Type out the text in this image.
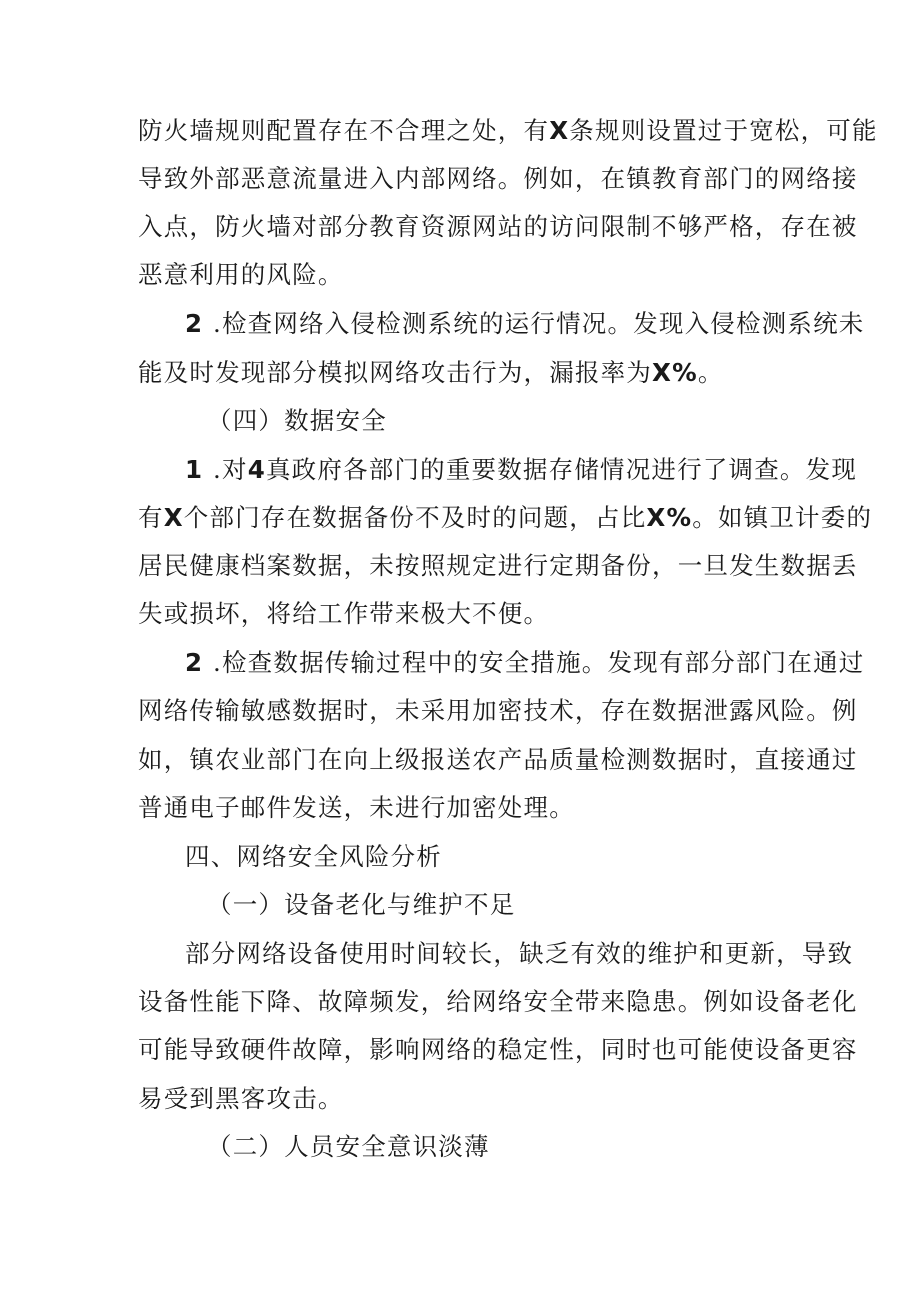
防火墙规则配置存在不合理之处，有X条规则设置过于宽松，可能
导致外部恶意流量进入内部网络。例如，在镇教育部门的网络接
入点，防火墙对部分教育资源网站的访问限制不够严格，存在被
恶意利用的风险。
2 .检查网络入侵检测系统的运行情况。发现入侵检测系统未
能及时发现部分模拟网络攻击行为，漏报率为X%。
（四）数据安全
1 .对4真政府各部门的重要数据存储情况进行了调查。发现
有X个部门存在数据备份不及时的问题，占比X%。如镇卫计委的
居民健康档案数据，未按照规定进行定期备份，一旦发生数据丢
失或损坏，将给工作带来极大不便。
2 .检查数据传输过程中的安全措施。发现有部分部门在通过
网络传输敏感数据时，未采用加密技术，存在数据泄露风险。例
如，镇农业部门在向上级报送农产品质量检测数据时，直接通过
普通电子邮件发送，未进行加密处理。
四、网络安全风险分析
（一）设备老化与维护不足
部分网络设备使用时间较长，缺乏有效的维护和更新，导致
设备性能下降、故障频发，给网络安全带来隐患。例如设备老化
可能导致硬件故障，影响网络的稳定性，同时也可能使设备更容
易受到黑客攻击。
（二）人员安全意识淡薄
